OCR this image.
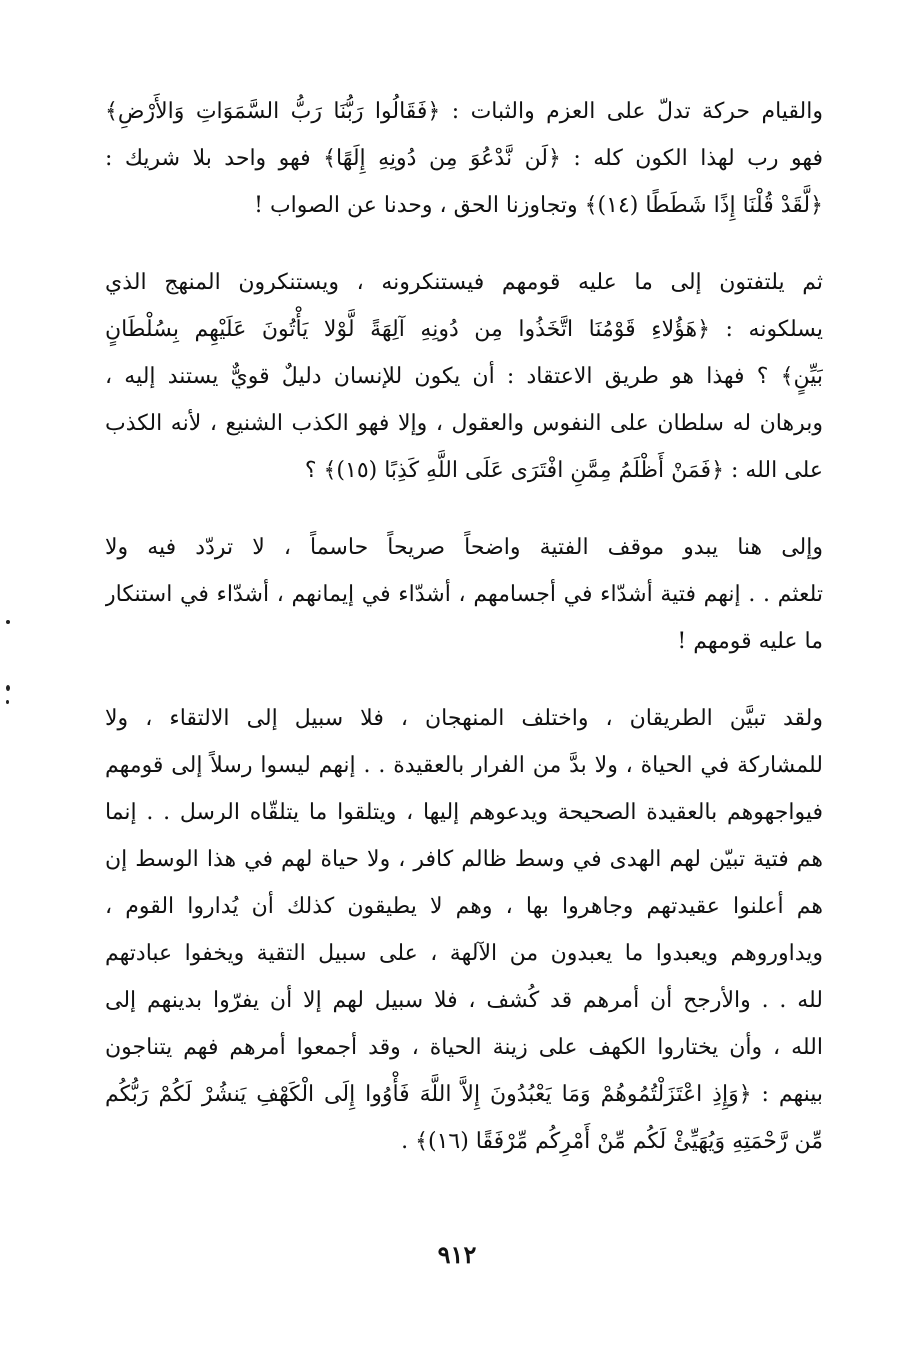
والقيام حركة تدلّ على العزم والثبات : ﴿فَقَالُوا رَبُّنَا رَبُّ السَّمَوَاتِ وَالأَرْضِ﴾
فهو رب لهذا الكون كله : ﴿لَن نَّدْعُوَ مِن دُونِهِ إِلَهًا﴾ فهو واحد بلا شريك :
﴿لَّقَدْ قُلْنَا إِذًا شَطَطًا (١٤)﴾ وتجاوزنا الحق ، وحدنا عن الصواب !
ثم يلتفتون إلى ما عليه قومهم فيستنكرونه ، ويستنكرون المنهج الذي
يسلكونه : ﴿هَؤُلاءِ قَوْمُنَا اتَّخَذُوا مِن دُونِهِ آلِهَةً لَّوْلا يَأْتُونَ عَلَيْهِم بِسُلْطَانٍ
بَيِّنٍ﴾ ؟ فهذا هو طريق الاعتقاد : أن يكون للإنسان دليلٌ قويٌّ يستند إليه ،
وبرهان له سلطان على النفوس والعقول ، وإلا فهو الكذب الشنيع ، لأنه الكذب
على الله : ﴿فَمَنْ أَظْلَمُ مِمَّنِ افْتَرَى عَلَى اللَّهِ كَذِبًا (١٥)﴾ ؟
وإلى هنا يبدو موقف الفتية واضحاً صريحاً حاسماً ، لا تردّد فيه ولا
تلعثم . . إنهم فتية أشدّاء في أجسامهم ، أشدّاء في إيمانهم ، أشدّاء في استنكار
ما عليه قومهم !
ولقد تبيَّن الطريقان ، واختلف المنهجان ، فلا سبيل إلى الالتقاء ، ولا
للمشاركة في الحياة ، ولا بدَّ من الفرار بالعقيدة . . إنهم ليسوا رسلاً إلى قومهم
فيواجهوهم بالعقيدة الصحيحة ويدعوهم إليها ، ويتلقوا ما يتلقّاه الرسل . . إنما
هم فتية تبيّن لهم الهدى في وسط ظالم كافر ، ولا حياة لهم في هذا الوسط إن
هم أعلنوا عقيدتهم وجاهروا بها ، وهم لا يطيقون كذلك أن يُداروا القوم ،
ويداوروهم ويعبدوا ما يعبدون من الآلهة ، على سبيل التقية ويخفوا عبادتهم
لله . . والأرجح أن أمرهم قد كُشف ، فلا سبيل لهم إلا أن يفرّوا بدينهم إلى
الله ، وأن يختاروا الكهف على زينة الحياة ، وقد أجمعوا أمرهم فهم يتناجون
بينهم : ﴿وَإِذِ اعْتَزَلْتُمُوهُمْ وَمَا يَعْبُدُونَ إِلاَّ اللَّهَ فَأْوُوا إِلَى الْكَهْفِ يَنشُرْ لَكُمْ رَبُّكُم
مِّن رَّحْمَتِهِ وَيُهَيِّئْ لَكُم مِّنْ أَمْرِكُم مِّرْفَقًا (١٦)﴾ .
٩١٢
